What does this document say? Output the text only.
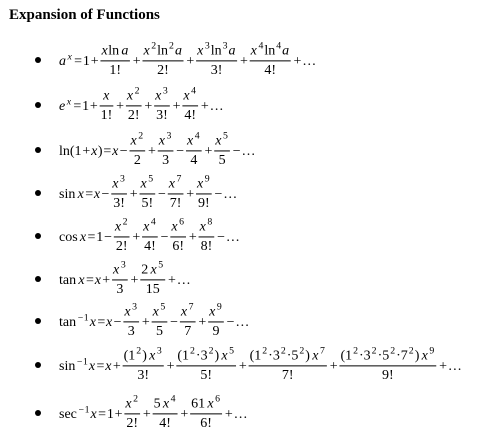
Expansion of Functions
a x = 1 +
x ln a
1 !
+
x 2 ln 2 a
2 !
+
x 3 ln 3 a
3 !
+
x 4 ln 4 a
4 !
+ …
e x = 1 +
x
1 !
+
x 2
2 !
+
x 3
3 !
+
x 4
4 !
+ …
ln ( 1 + x ) = x −
x 2
2
+
x 3
3
−
x 4
4
+
x 5
5
− …
sin x = x −
x 3
3 !
+
x 5
5 !
−
x 7
7 !
+
x 9
9 !
− …
cos x = 1 −
x 2
2 !
+
x 4
4 !
−
x 6
6 !
+
x 8
8 !
− …
tan x = x +
x 3
3
+
2 x 5
1 5
+ …
tan − 1 x = x −
x 3
3
+
x 5
5
−
x 7
7
+
x 9
9
− …
sin − 1 x = x +
( 1 2 ) x 3
3 !
+
( 1 2 · 3 2 ) x 5
5 !
+
( 1 2 · 3 2 · 5 2 ) x 7
7 !
+
( 1 2 · 3 2 · 5 2 · 7 2 ) x 9
9 !
+ …
sec − 1 x = 1 +
x 2
2 !
+
5 x 4
4 !
+
6 1 x 6
6 !
+ …
